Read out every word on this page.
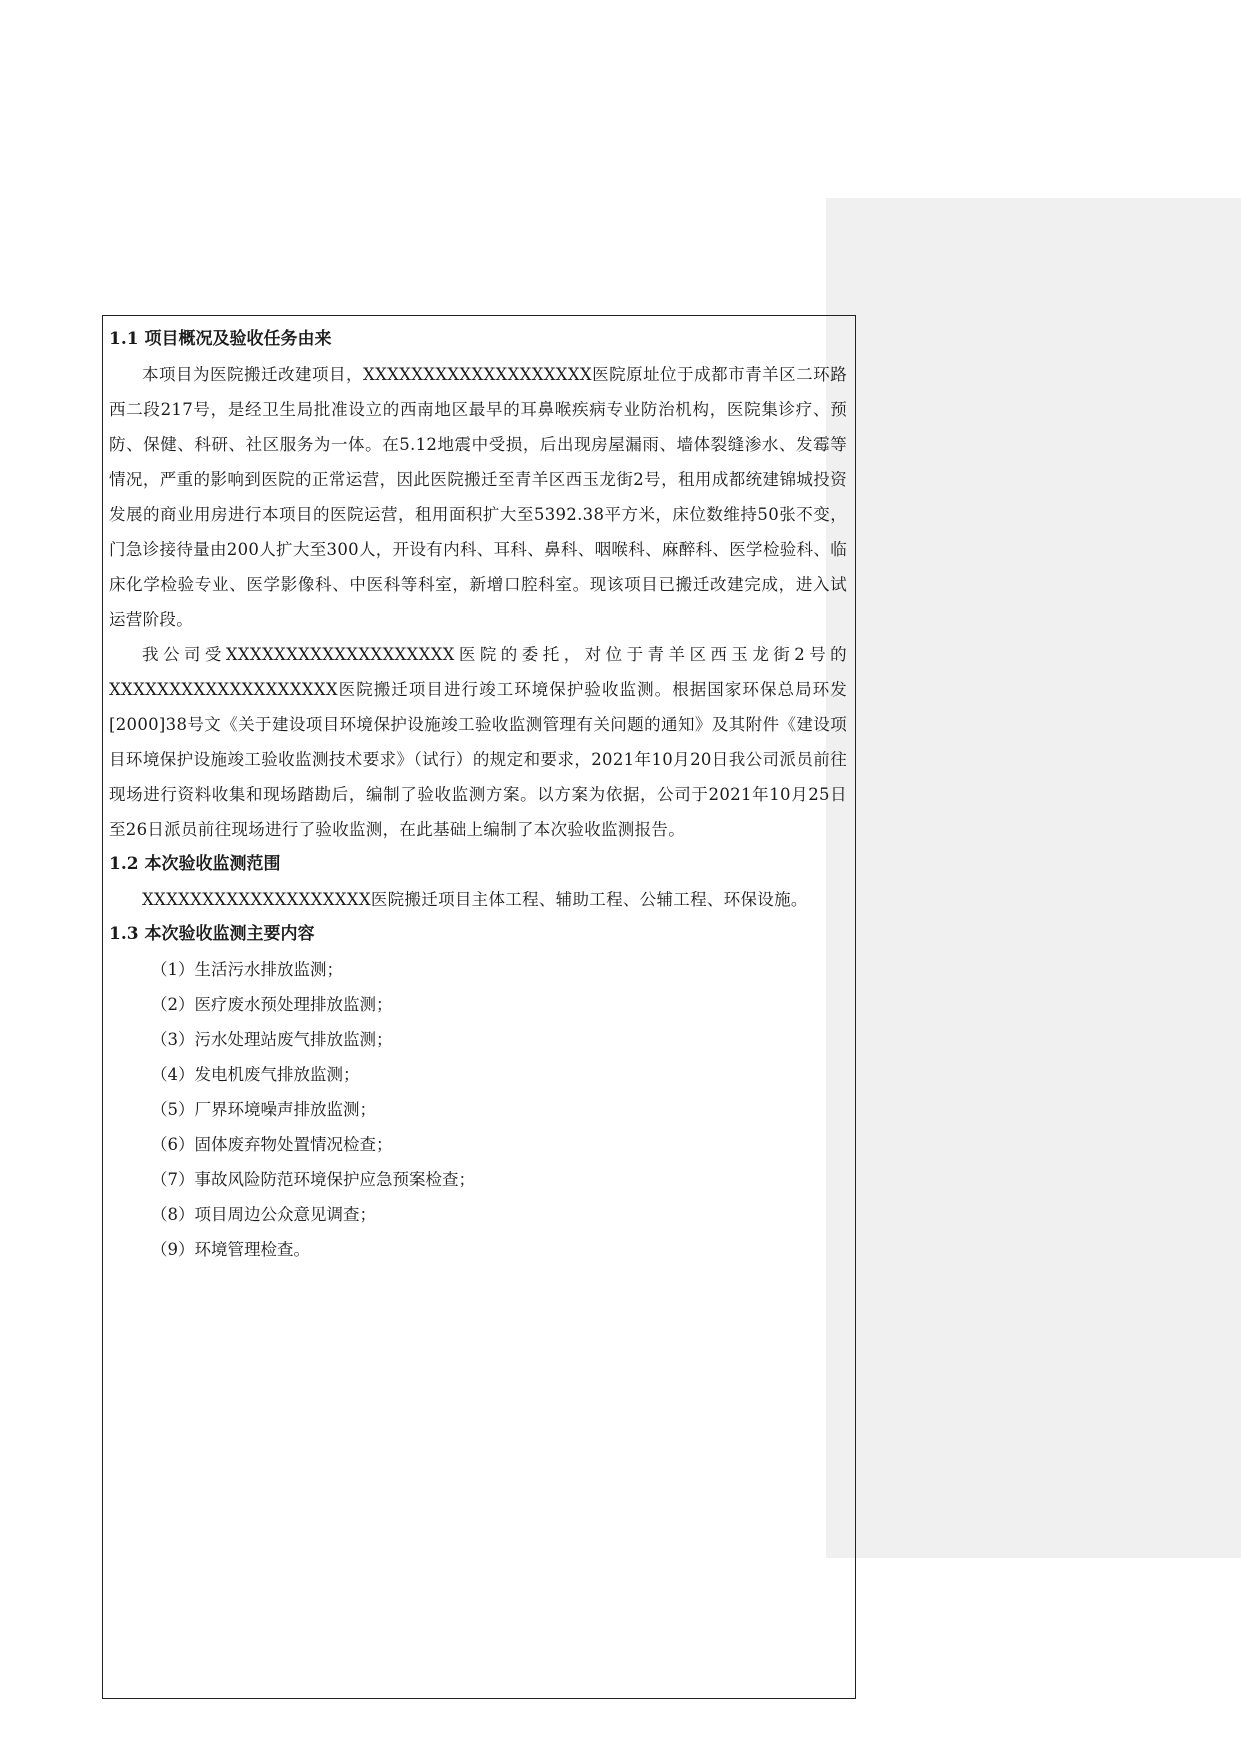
1.1 项目概况及验收任务由来

本项目为医院搬迁改建项目，XXXXXXXXXXXXXXXXXXX医院原址位于成都市青羊区二环路西二段217号，是经卫生局批准设立的西南地区最早的耳鼻喉疾病专业防治机构，医院集诊疗、预防、保健、科研、社区服务为一体。在5.12地震中受损，后出现房屋漏雨、墙体裂缝渗水、发霉等情况，严重的影响到医院的正常运营，因此医院搬迁至青羊区西玉龙街2号，租用成都统建锦城投资发展的商业用房进行本项目的医院运营，租用面积扩大至5392.38平方米，床位数维持50张不变，门急诊接待量由200人扩大至300人，开设有内科、耳科、鼻科、咽喉科、麻醉科、医学检验科、临床化学检验专业、医学影像科、中医科等科室，新增口腔科室。现该项目已搬迁改建完成，进入试运营阶段。

我公司受XXXXXXXXXXXXXXXXXXX医院的委托，对位于青羊区西玉龙街2号的XXXXXXXXXXXXXXXXXXX医院搬迁项目进行竣工环境保护验收监测。根据国家环保总局环发[2000]38号文《关于建设项目环境保护设施竣工验收监测管理有关问题的通知》及其附件《建设项目环境保护设施竣工验收监测技术要求》（试行）的规定和要求，2021年10月20日我公司派员前往现场进行资料收集和现场踏勘后，编制了验收监测方案。以方案为依据，公司于2021年10月25日至26日派员前往现场进行了验收监测，在此基础上编制了本次验收监测报告。

1.2 本次验收监测范围

XXXXXXXXXXXXXXXXXXX医院搬迁项目主体工程、辅助工程、公辅工程、环保设施。

1.3 本次验收监测主要内容

（1）生活污水排放监测；
（2）医疗废水预处理排放监测；
（3）污水处理站废气排放监测；
（4）发电机废气排放监测；
（5）厂界环境噪声排放监测；
（6）固体废弃物处置情况检查；
（7）事故风险防范环境保护应急预案检查；
（8）项目周边公众意见调查；
（9）环境管理检查。
